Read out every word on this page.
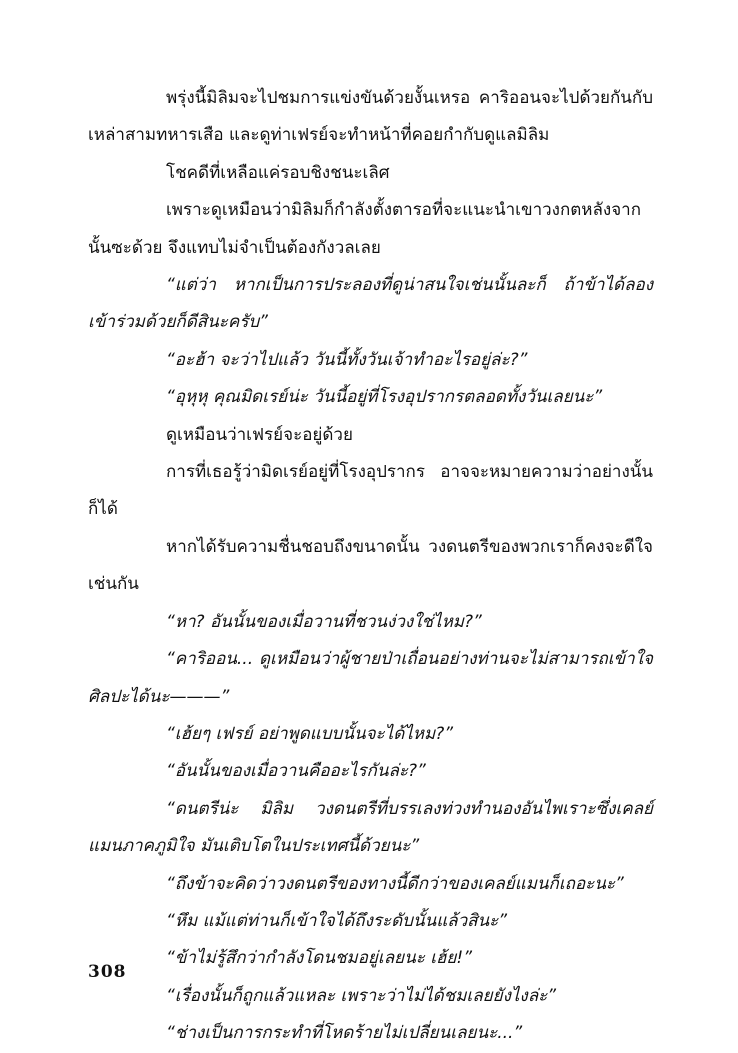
พรุ่งนี้มิลิมจะไปชมการแข่งขันด้วยงั้นเหรอ คาริออนจะไปด้วยกันกับเหล่าสามทหารเสือ และดูท่าเฟรย์จะทำหน้าที่คอยกำกับดูแลมิลิม

โชคดีที่เหลือแค่รอบชิงชนะเลิศ

เพราะดูเหมือนว่ามิลิมก็กำลังตั้งตารอที่จะแนะนำเขาวงกตหลังจากนั้นซะด้วย จึงแทบไม่จำเป็นต้องกังวลเลย

“แต่ว่า หากเป็นการประลองที่ดูน่าสนใจเช่นนั้นละก็ ถ้าข้าได้ลองเข้าร่วมด้วยก็ดีสินะครับ”

“อะฮ้า จะว่าไปแล้ว วันนี้ทั้งวันเจ้าทำอะไรอยู่ล่ะ?”

“อุหุหุ คุณมิดเรย์น่ะ วันนี้อยู่ที่โรงอุปรากรตลอดทั้งวันเลยนะ”

ดูเหมือนว่าเฟรย์จะอยู่ด้วย

การที่เธอรู้ว่ามิดเรย์อยู่ที่โรงอุปรากร อาจจะหมายความว่าอย่างนั้นก็ได้

หากได้รับความชื่นชอบถึงขนาดนั้น วงดนตรีของพวกเราก็คงจะดีใจเช่นกัน

“หา? อันนั้นของเมื่อวานที่ชวนง่วงใช่ไหม?”

“คาริออน... ดูเหมือนว่าผู้ชายป่าเถื่อนอย่างท่านจะไม่สามารถเข้าใจศิลปะได้นะ———”

“เฮ้ยๆ เฟรย์ อย่าพูดแบบนั้นจะได้ไหม?”

“อันนั้นของเมื่อวานคืออะไรกันล่ะ?”

“ดนตรีน่ะ มิลิม วงดนตรีที่บรรเลงท่วงทำนองอันไพเราะซึ่งเคลย์แมนภาคภูมิใจ มันเติบโตในประเทศนี้ด้วยนะ”

“ถึงข้าจะคิดว่าวงดนตรีของทางนี้ดีกว่าของเคลย์แมนก็เถอะนะ”

“หึม แม้แต่ท่านก็เข้าใจได้ถึงระดับนั้นแล้วสินะ”

“ข้าไม่รู้สึกว่ากำลังโดนชมอยู่เลยนะ เฮ้ย!”

“เรื่องนั้นก็ถูกแล้วแหละ เพราะว่าไม่ได้ชมเลยยังไงล่ะ”

“ช่างเป็นการกระทำที่โหดร้ายไม่เปลี่ยนเลยนะ...”

308
